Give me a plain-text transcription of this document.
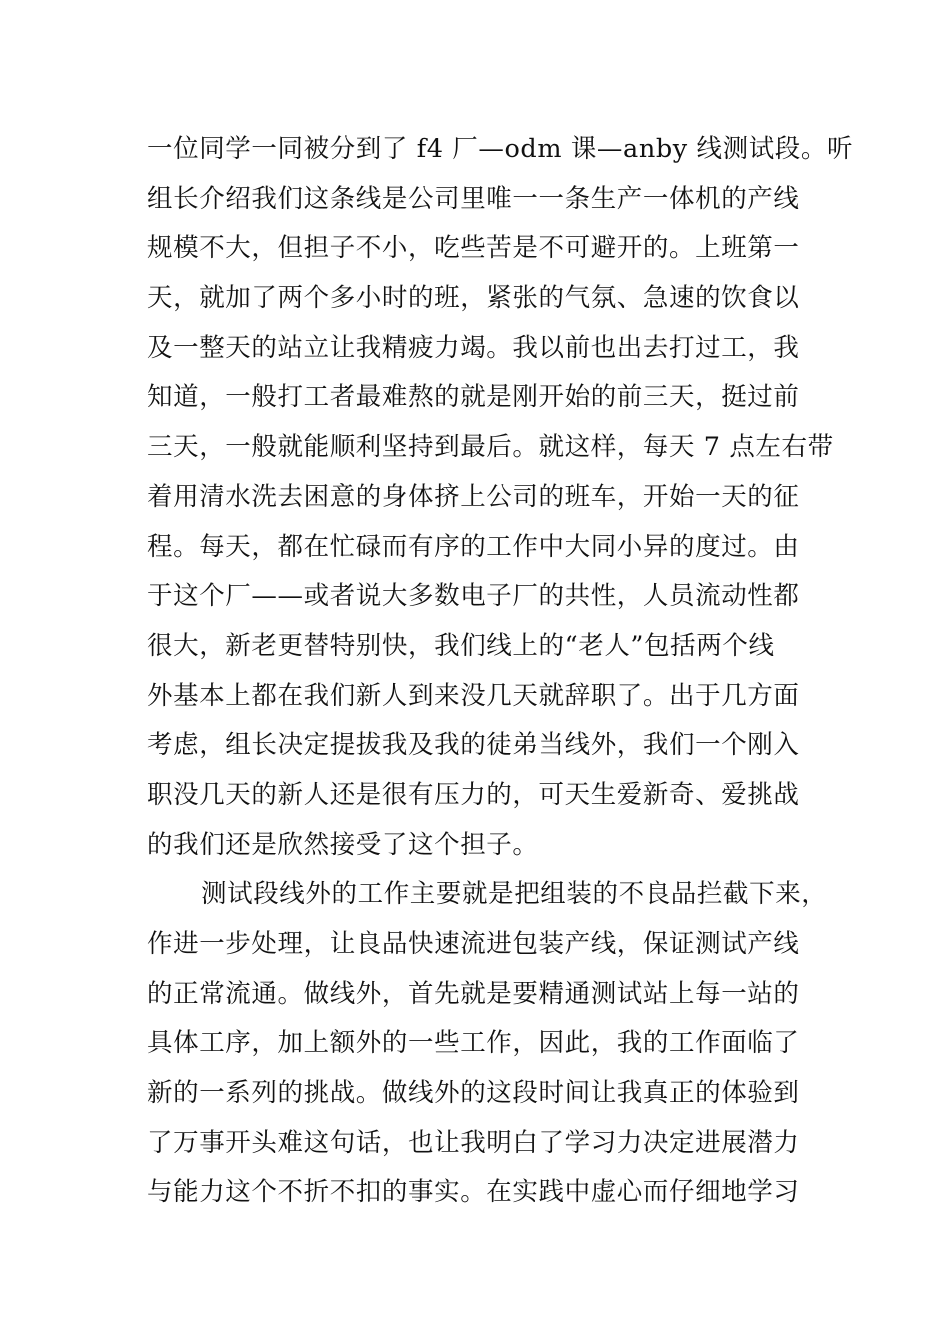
一位同学一同被分到了 f4 厂—odm 课—anby 线测试段。听
组长介绍我们这条线是公司里唯一一条生产一体机的产线
规模不大，但担子不小，吃些苦是不可避开的。上班第一
天，就加了两个多小时的班，紧张的气氛、急速的饮食以
及一整天的站立让我精疲力竭。我以前也出去打过工，我
知道，一般打工者最难熬的就是刚开始的前三天，挺过前
三天，一般就能顺利坚持到最后。就这样，每天 7 点左右带
着用清水洗去困意的身体挤上公司的班车，开始一天的征
程。每天，都在忙碌而有序的工作中大同小异的度过。由
于这个厂——或者说大多数电子厂的共性，人员流动性都
很大，新老更替特别快，我们线上的“老人”包括两个线
外基本上都在我们新人到来没几天就辞职了。出于几方面
考虑，组长决定提拔我及我的徒弟当线外，我们一个刚入
职没几天的新人还是很有压力的，可天生爱新奇、爱挑战
的我们还是欣然接受了这个担子。
测试段线外的工作主要就是把组装的不良品拦截下来，
作进一步处理，让良品快速流进包装产线，保证测试产线
的正常流通。做线外，首先就是要精通测试站上每一站的
具体工序，加上额外的一些工作，因此，我的工作面临了
新的一系列的挑战。做线外的这段时间让我真正的体验到
了万事开头难这句话，也让我明白了学习力决定进展潜力
与能力这个不折不扣的事实。在实践中虚心而仔细地学习
